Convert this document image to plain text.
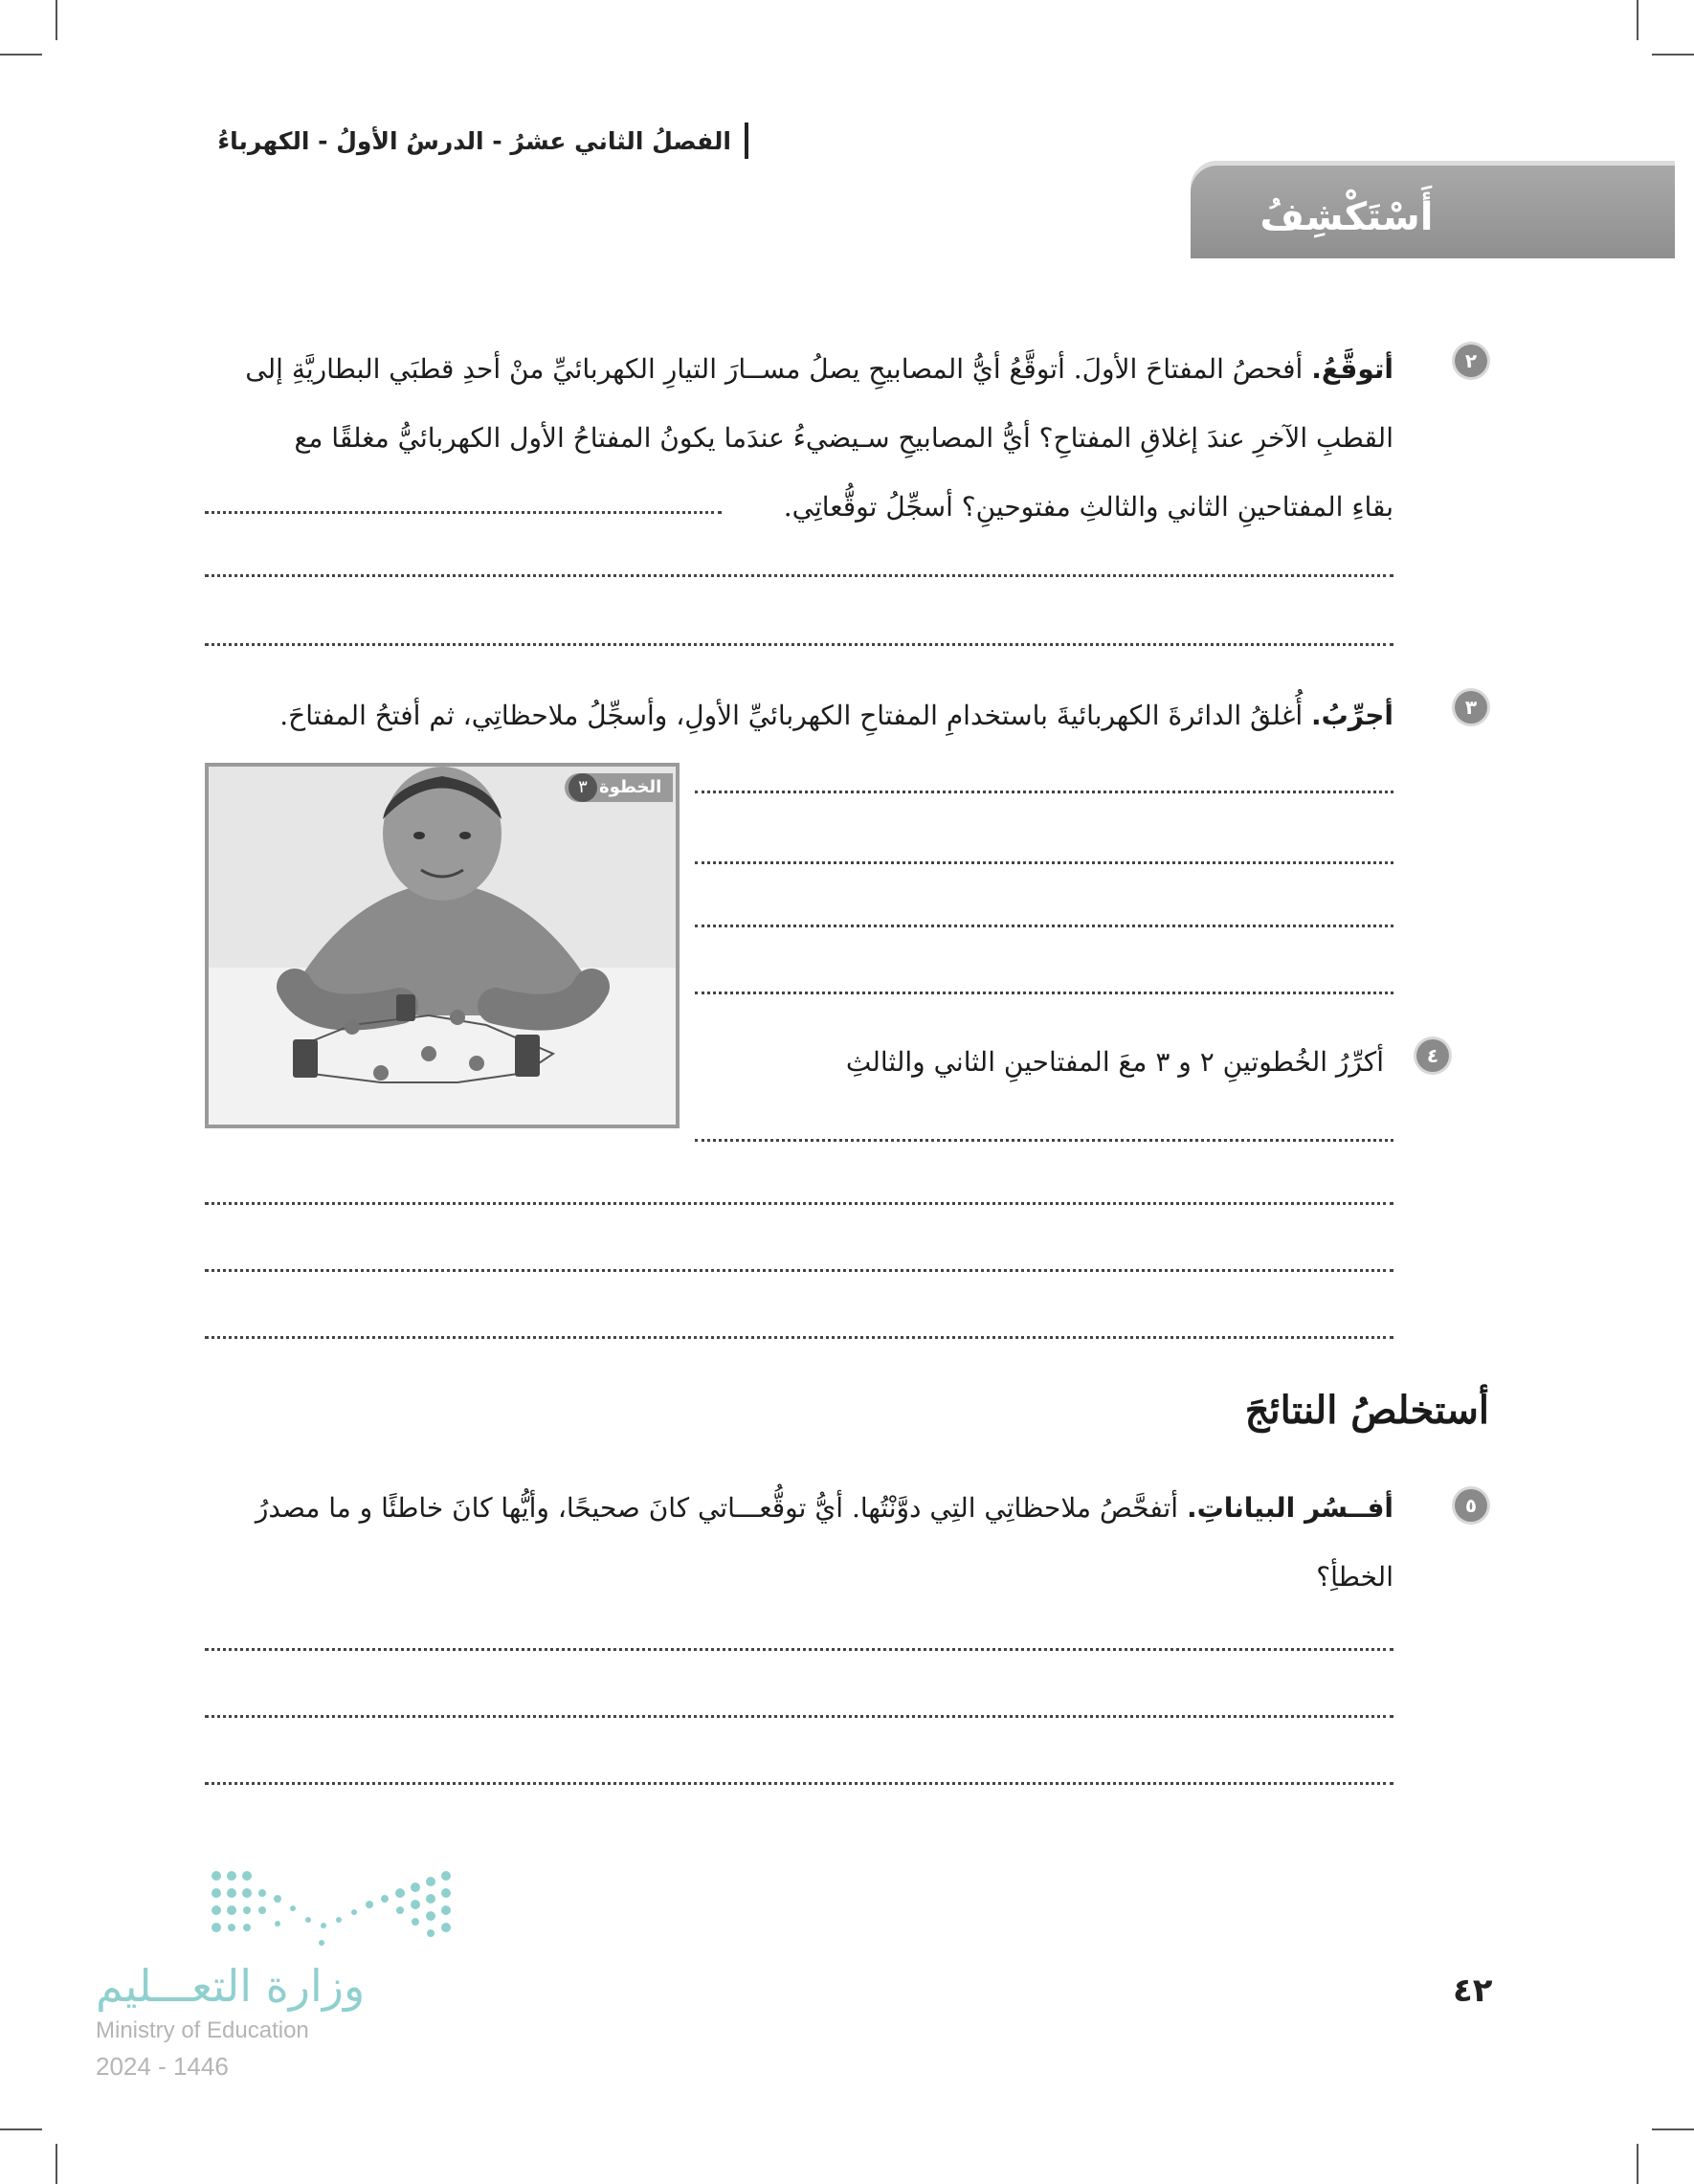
الفصلُ الثاني عشرُ - الدرسُ الأولُ - الكهرباءُ
أَسْتَكْشِفُ
٢
أتوقَّعُ. أفحصُ المفتاحَ الأولَ. أتوقَّعُ أيُّ المصابيحِ يصلُ مســارَ التيارِ الكهربائيِّ منْ أحدِ قطبَي البطاريَّةِ إلى
القطبِ الآخرِ عندَ إغلاقِ المفتاحِ؟ أيُّ المصابيحِ سـيضيءُ عندَما يكونُ المفتاحُ الأول الكهربائيُّ مغلقًا مع
بقاءِ المفتاحينِ الثاني والثالثِ مفتوحينِ؟ أسجِّلُ توقُّعاتِي.
٣
أجرِّبُ. أُغلقُ الدائرةَ الكهربائيةَ باستخدامِ المفتاحِ الكهربائيِّ الأولِ، وأسجِّلُ ملاحظاتِي، ثم أفتحُ المفتاحَ.
الخطوة
٣
٤
أكرِّرُ الخُطوتينِ ٢ و ٣ معَ المفتاحينِ الثاني والثالثِ
أستخلصُ النتائجَ
٥
أفــسُر البياناتِ. أتفحَّصُ ملاحظاتِي التِي دوَّنْتُها. أيُّ توقُّعـــاتي كانَ صحيحًا، وأيُّها كانَ خاطئًا و ما مصدرُ
الخطأِ؟
وزارة التعـــليم
Ministry of Education
2024 - 1446
٤٢
